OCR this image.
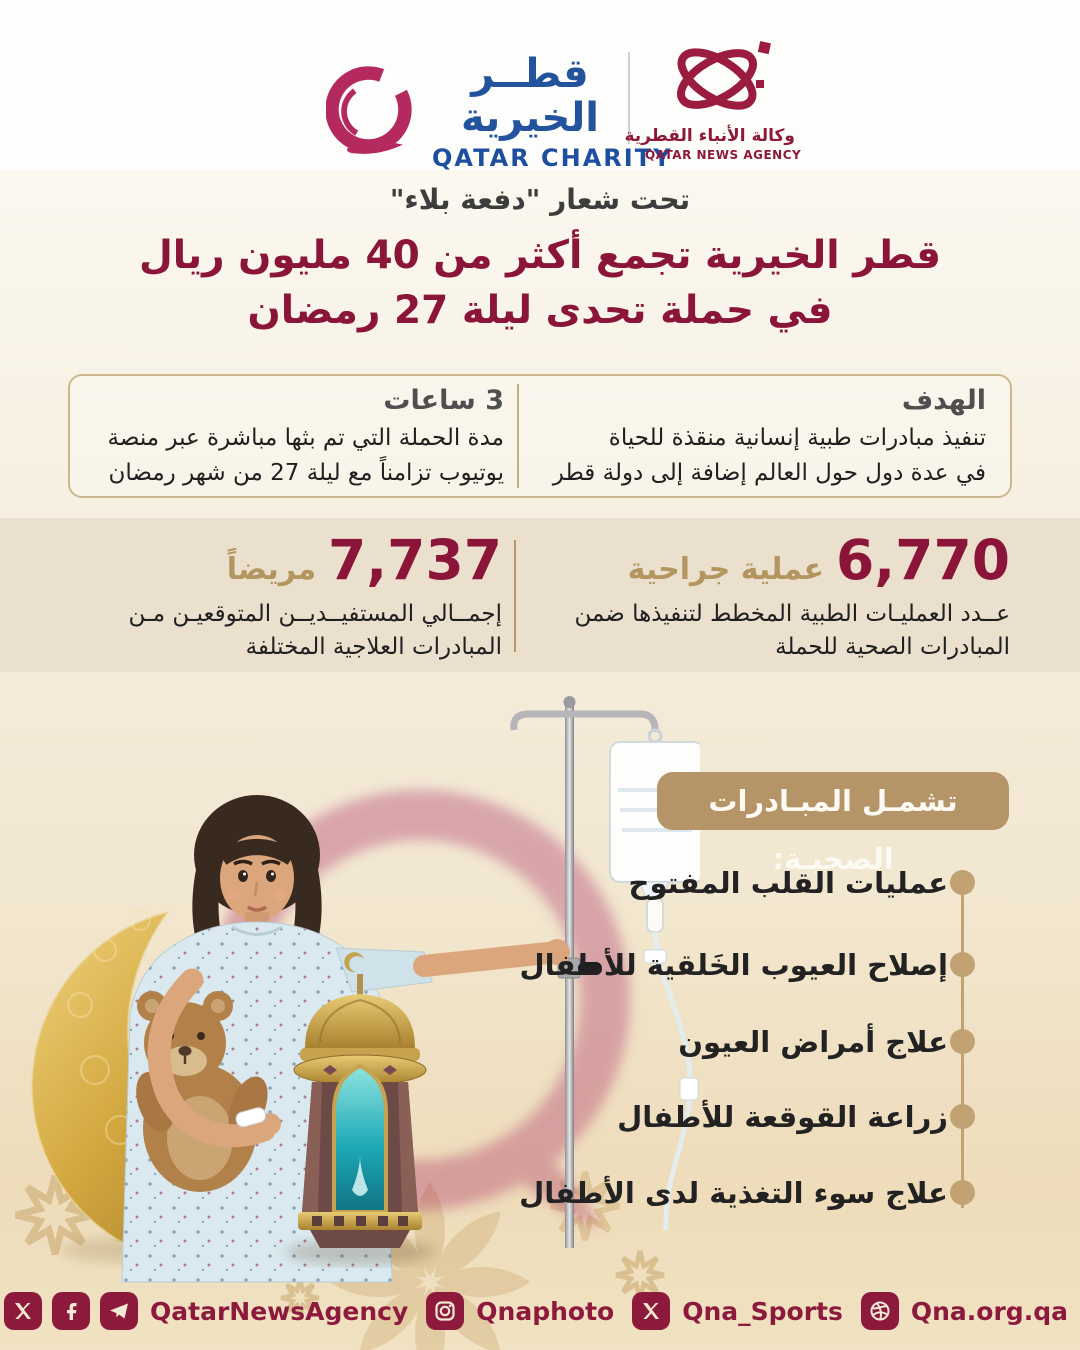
قطــر الخيرية
QATAR CHARITY
وكالة الأنباء القطرية
QATAR NEWS AGENCY
تحت شعار "دفعة بلاء"
قطر الخيرية تجمع أكثر من 40 مليون ريال
في حملة تحدى ليلة 27 رمضان
الهدف
تنفيذ مبادرات طبية إنسانية منقذة للحياة
في عدة دول حول العالم إضافة إلى دولة قطر
3 ساعات
مدة الحملة التي تم بثها مباشرة عبر منصة
يوتيوب تزامناً مع ليلة 27 من شهر رمضان
6,770
عملية جراحية
عــدد العمليـات الطبية المخطط لتنفيذها ضمن
المبادرات الصحية للحملة
7,737
مريضاً
إجمــالي المستفيــديــن المتوقعيـن مـن
المبادرات العلاجية المختلفة
تشمـل المبـادرات الصحيـة:
عمليات القلب المفتوح
إصلاح العيوب الخَلقية للأطفال
علاج أمراض العيون
زراعة القوقعة للأطفال
علاج سوء التغذية لدى الأطفال
QatarNewsAgency	Qnaphoto	Qna_Sports	Qna.org.qa
